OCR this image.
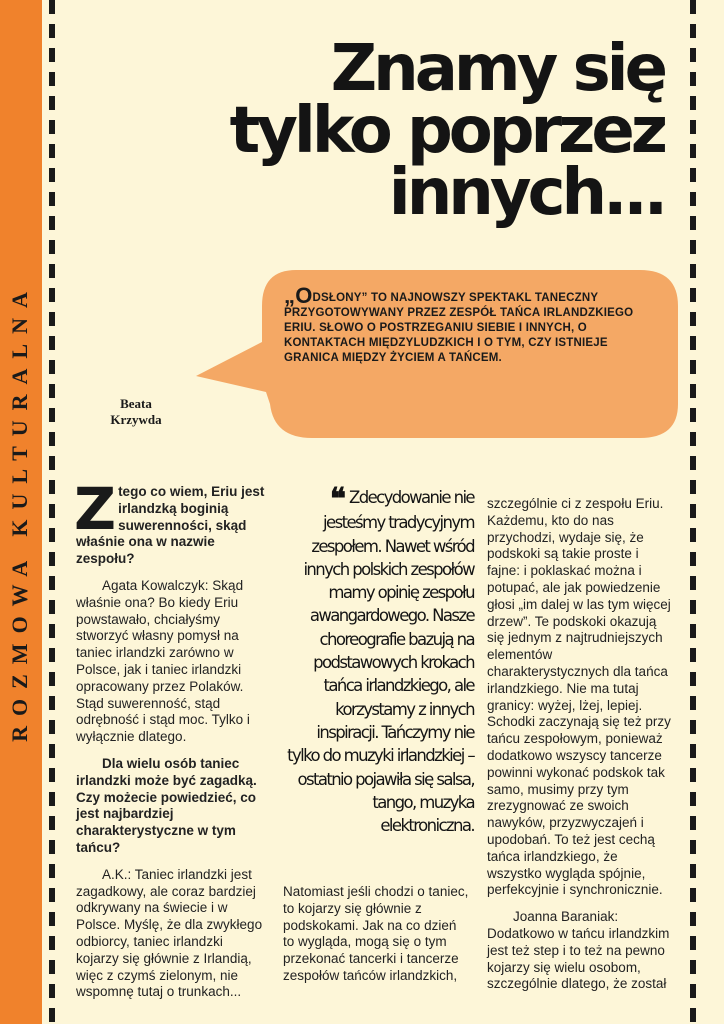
ROZMOWA KULTURALNA
Znamy się
tylko poprzez
innych...
„ODSŁONY” TO NAJNOWSZY SPEKTAKL TANECZNY PRZYGOTOWYWANY PRZEZ ZESPÓŁ TAŃCA IRLANDZKIEGO ERIU. SŁOWO O POSTRZEGANIU SIEBIE I INNYCH, O KONTAKTACH MIĘDZYLUDZKICH I O TYM, CZY ISTNIEJE GRANICA MIĘDZY ŻYCIEM A TAŃCEM.
Beata
Krzywda

Ztego co wiem, Eriu jest irlandzką boginią suwerenności, skąd właśnie ona w nazwie zespołu?

Agata Kowalczyk: Skąd właśnie ona? Bo kiedy Eriu powstawało, chciałyśmy stworzyć własny pomysł na taniec irlandzki zarówno w Polsce, jak i taniec irlandzki opracowany przez Polaków. Stąd suwerenność, stąd odrębność i stąd moc. Tylko i wyłącznie dlatego.

Dla wielu osób taniec irlandzki może być zagadką. Czy możecie powiedzieć, co jest najbardziej charakterystyczne w tym tańcu?

A.K.: Taniec irlandzki jest zagadkowy, ale coraz bardziej odkrywany na świecie i w Polsce. Myślę, że dla zwykłego odbiorcy, taniec irlandzki kojarzy się głównie z Irlandią, więc z czymś zielonym, nie wspomnę tutaj o trunkach...

❝ Zdecydowanie nie jesteśmy tradycyjnym zespołem. Nawet wśród innych polskich zespołów mamy opinię zespołu awangardowego. Nasze choreografie bazują na podstawowych krokach tańca irlandzkiego, ale korzystamy z innych inspiracji. Tańczymy nie tylko do muzyki irlandzkiej – ostatnio pojawiła się salsa, tango, muzyka elektroniczna.

Natomiast jeśli chodzi o taniec, to kojarzy się głównie z podskokami. Jak na co dzień to wygląda, mogą się o tym przekonać tancerki i tancerze zespołów tańców irlandzkich,

szczególnie ci z zespołu Eriu. Każdemu, kto do nas przychodzi, wydaje się, że podskoki są takie proste i fajne: i poklaskać można i potupać, ale jak powiedzenie głosi „im dalej w las tym więcej drzew”. Te podskoki okazują się jednym z najtrudniejszych elementów charakterystycznych dla tańca irlandzkiego. Nie ma tutaj granicy: wyżej, lżej, lepiej. Schodki zaczynają się też przy tańcu zespołowym, ponieważ dodatkowo wszyscy tancerze powinni wykonać podskok tak samo, musimy przy tym zrezygnować ze swoich nawyków, przyzwyczajeń i upodobań. To też jest cechą tańca irlandzkiego, że wszystko wygląda spójnie, perfekcyjnie i synchronicznie.

Joanna Baraniak: Dodatkowo w tańcu irlandzkim jest też step i to też na pewno kojarzy się wielu osobom, szczególnie dlatego, że został
